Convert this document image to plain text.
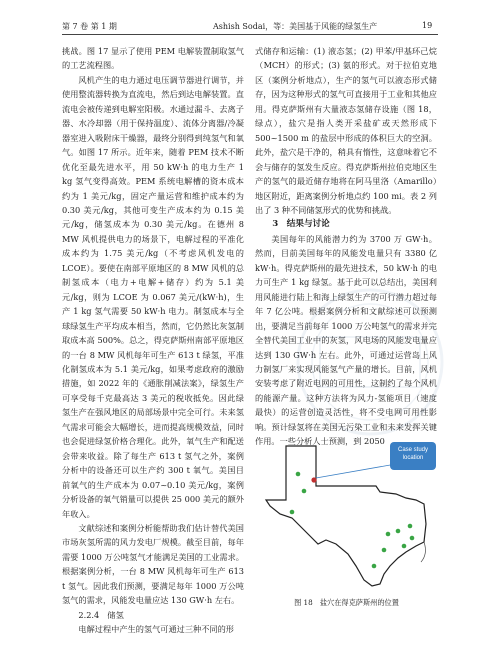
第 7 卷 第 1 期	Ashish Sodai，等：美国基于风能的绿氢生产	19

挑战。图 17 显示了使用 PEM 电解装置制取氢气的工艺流程图。

风机产生的电力通过电压调节器进行调节，并使用整流器转换为直流电，然后到达电解装置。直流电会被传递到电解室阳极。水通过漏斗、去离子器、水冷却器（用于保持温度）、流体分离器/冷凝器室进入吸附床干燥器，最终分别得到纯氢气和氧气。如图 17 所示。近年来，随着 PEM 技术不断优化至最先进水平，用 50 kW·h 的电力生产 1 kg 氢气变得高效。PEM 系统电解槽的资本成本约为 1 美元/kg，固定产量运营和维护成本约为 0.30 美元/kg，其他可变生产成本约为 0.15 美元/kg，储氢成本为 0.30 美元/kg。在德州 8 MW 风机提供电力的场景下，电解过程的平准化成本约为 1.75 美元/kg（不考虑风机发电的 LCOE）。要使在南部平原地区的 8 MW 风机的总制氢成本（电力+电解+储存）约为 5.1 美元/kg，则为 LCOE 为 0.067 美元/(kW·h)，生产 1 kg 氢气需要 50 kW·h 电力。制氢成本与全球绿氢生产平均成本相当，然而，它仍然比灰氢制取成本高 500%。总之，得克萨斯州南部平原地区的一台 8 MW 风机每年可生产 613 t 绿氢，平准化制氢成本为 5.1 美元/kg，如果考虑政府的激励措施，如 2022 年的《通胀削减法案》，绿氢生产可享受每千克最高达 3 美元的税收抵免。因此绿氢生产在强风地区的局部场景中完全可行。未来氢气需求可能会大幅增长，进而提高规模效益，同时也会促进绿氢价格合理化。此外，氧气生产和配送会带来收益。除了每生产 613 t 氢气之外，案例分析中的设备还可以生产约 300 t 氧气。美国目前氧气的生产成本为 0.07~0.10 美元/kg，案例分析设备的氧气销量可以提供 25 000 美元的额外年收入。

文献综述和案例分析能帮助我们估计替代美国市场灰氢所需的风力发电厂规模。截至目前，每年需要 1000 万公吨氢气才能满足美国的工业需求。根据案例分析，一台 8 MW 风机每年可生产 613 t 氢气。因此我们预测，要满足每年 1000 万公吨氢气的需求，风能发电量应达 130 GW·h 左右。

2.2.4　储氢

电解过程中产生的氢气可通过三种不同的形

式储存和运输：(1) 液态氢；(2) 甲苯/甲基环己烷（MCH）的形式；(3) 氨的形式。对于拉伯克地区（案例分析地点），生产的氢气可以液态形式储存，因为这种形式的氢气可直接用于工业和其他应用。得克萨斯州有大量液态氢储存设施（图 18，绿点），盐穴是指人类开采盐矿或天然形成下 500~1500 m 的盐层中形成的体积巨大的空洞。此外，盐穴是干净的，稍具有惰性，这意味着它不会与储存的氢发生反应。得克萨斯州拉伯克地区生产的氢气的最近储存地将在阿马里洛（Amarillo）地区附近，距离案例分析地点约 100 mi。表 2 列出了 3 种不同储氢形式的优势和挑战。

3　结果与讨论

美国每年的风能潜力约为 3700 万 GW·h。然而，目前美国每年的风能发电量只有 3380 亿 kW·h。得克萨斯州的最先进技术，50 kW·h 的电力可生产 1 kg 绿氢。基于此可以总结出，美国利用风能进行陆上和海上绿氢生产的可行潜力超过每年 7 亿公吨。根据案例分析和文献综述可以预测出，要满足当前每年 1000 万公吨氢气的需求并完全替代美国工业中的灰氢，风电场的风能发电量应达到 130 GW·h 左右。此外，可通过运营岛上风力制氢厂来实现风能氢气产量的增长。目前，风机安装考虑了附近电网的可用性，这制约了每个风机的能源产量。这种方法将为风力-氢能项目（速度最快）的运营创造灵活性，将不受电网可用性影响。预计绿氢将在美国无污染工业和未来发挥关键作用。一些分析人士预测，到 2050

Case study location
图 18　盐穴在得克萨斯州的位置
